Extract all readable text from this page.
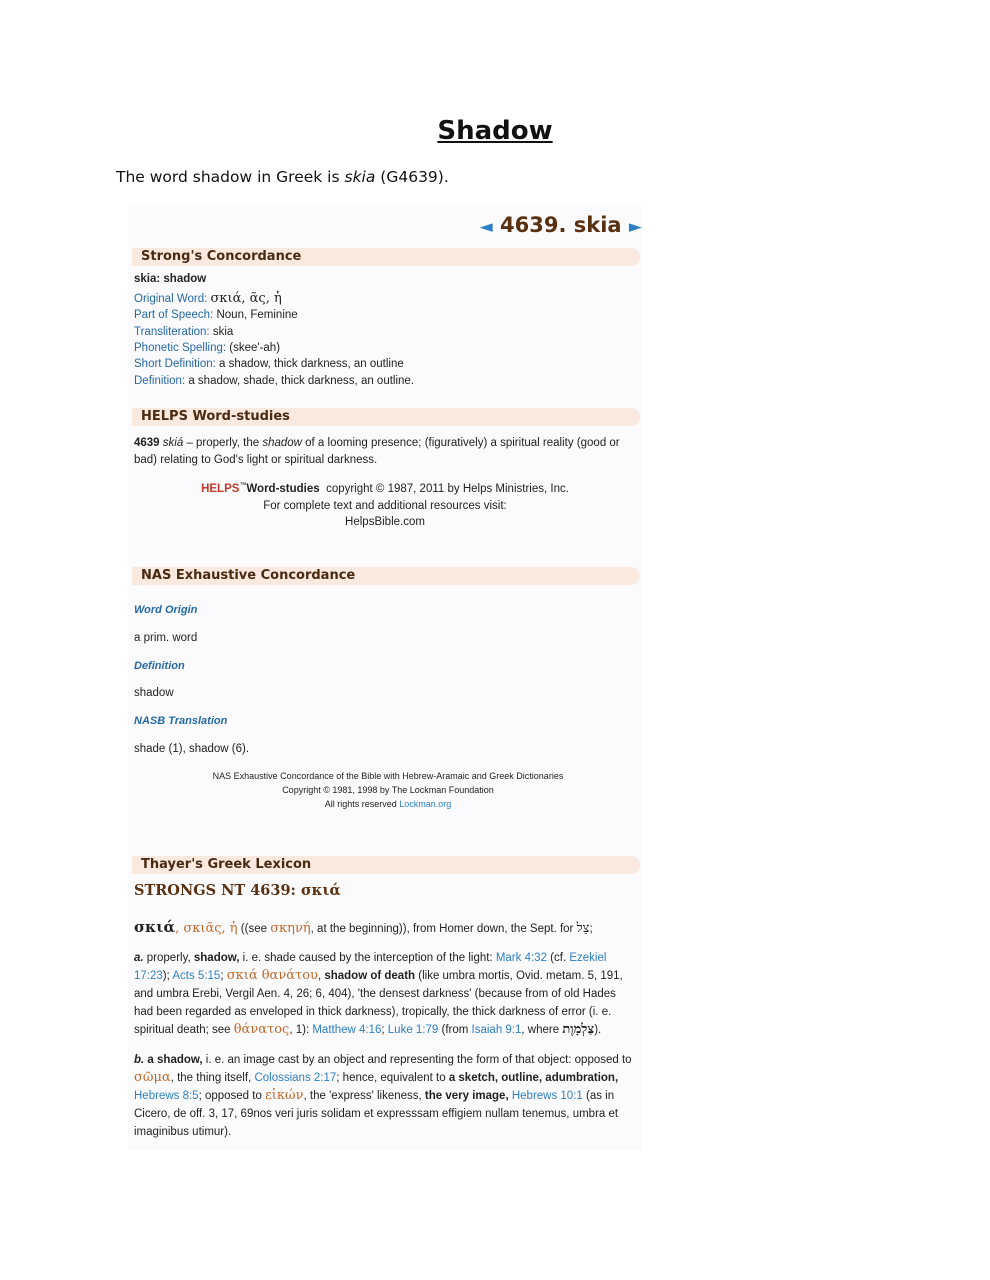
Shadow
The word shadow in Greek is skia (G4639).
◄ 4639. skia ►
Strong's Concordance
skia: shadow
Original Word: σκιά, ᾶς, ἡ
Part of Speech: Noun, Feminine
Transliteration: skia
Phonetic Spelling: (skee'-ah)
Short Definition: a shadow, thick darkness, an outline
Definition: a shadow, shade, thick darkness, an outline.
HELPS Word-studies
4639 skiá – properly, the shadow of a looming presence; (figuratively) a spiritual reality (good or bad) relating to God's light or spiritual darkness.
HELPS™Word-studies copyright © 1987, 2011 by Helps Ministries, Inc.
For complete text and additional resources visit:
HelpsBible.com
NAS Exhaustive Concordance
Word Origin
a prim. word
Definition
shadow
NASB Translation
shade (1), shadow (6).
NAS Exhaustive Concordance of the Bible with Hebrew-Aramaic and Greek Dictionaries
Copyright © 1981, 1998 by The Lockman Foundation
All rights reserved Lockman.org
Thayer's Greek Lexicon
STRONGS NT 4639: σκιά
σκιά, σκιᾶς, ἡ ((see σκηνή, at the beginning)), from Homer down, the Sept. for צֵל;
a. properly, shadow, i. e. shade caused by the interception of the light: Mark 4:32 (cf. Ezekiel 17:23); Acts 5:15; σκιά θανάτου, shadow of death (like umbra mortis, Ovid. metam. 5, 191, and umbra Erebi, Vergil Aen. 4, 26; 6, 404), 'the densest darkness' (because from of old Hades had been regarded as enveloped in thick darkness), tropically, the thick darkness of error (i. e. spiritual death; see θάνατος, 1): Matthew 4:16; Luke 1:79 (from Isaiah 9:1, where צַלְמָוֶת).
b. a shadow, i. e. an image cast by an object and representing the form of that object: opposed to σῶμα, the thing itself, Colossians 2:17; hence, equivalent to a sketch, outline, adumbration, Hebrews 8:5; opposed to εἰκών, the 'express' likeness, the very image, Hebrews 10:1 (as in Cicero, de off. 3, 17, 69nos veri juris solidam et expresssam effigiem nullam tenemus, umbra et imaginibus utimur).
